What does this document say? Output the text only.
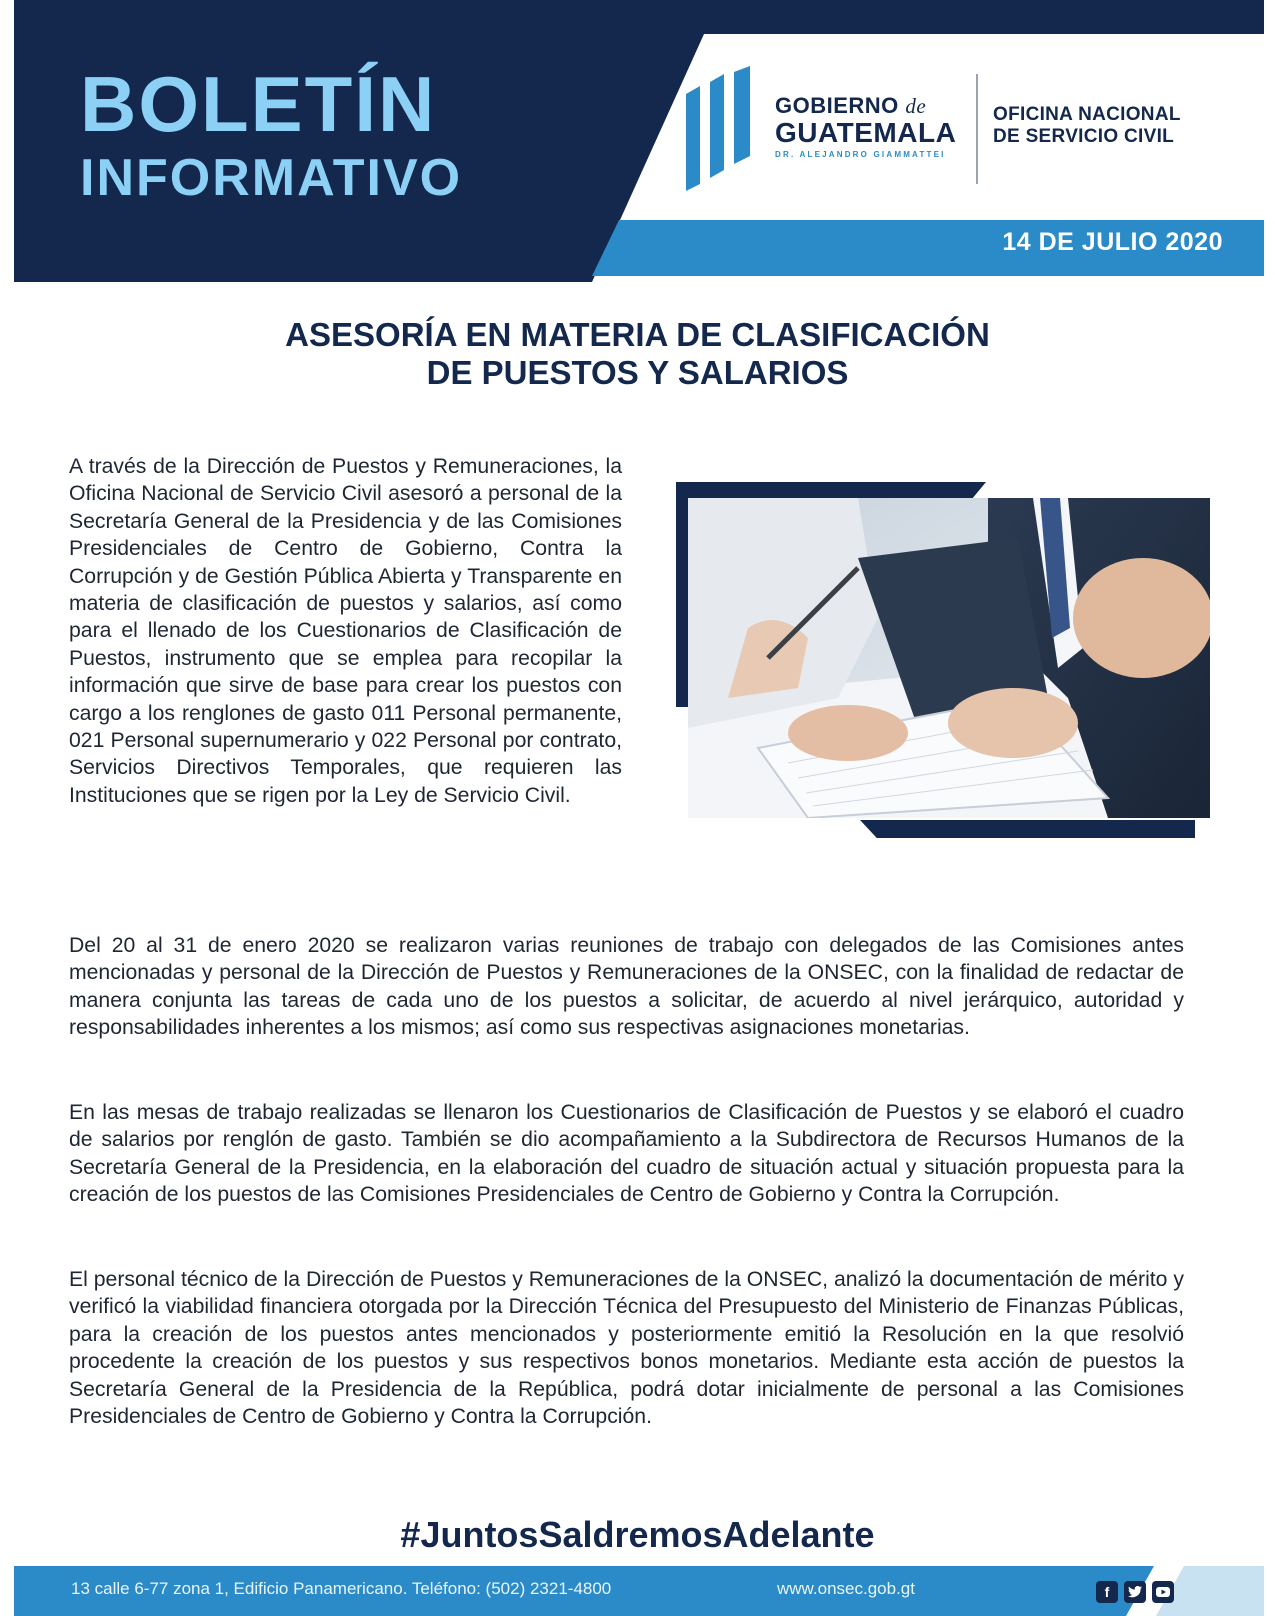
BOLETÍN
INFORMATIVO
GOBIERNO de
GUATEMALA
DR. ALEJANDRO GIAMMATTEI
OFICINA NACIONAL
DE SERVICIO CIVIL
14 DE JULIO 2020
ASESORÍA EN MATERIA DE CLASIFICACIÓN
DE PUESTOS Y SALARIOS

A través de la Dirección de Puestos y Remuneraciones, la Oficina Nacional de Servicio Civil asesoró a personal de la Secretaría General de la Presidencia y de las Comisiones Presidenciales de Centro de Gobierno, Contra la Corrupción y de Gestión Pública Abierta y Transparente en materia de clasificación de puestos y salarios, así como para el llenado de los Cuestionarios de Clasificación de Puestos, instrumento que se emplea para recopilar la información que sirve de base para crear los puestos con cargo a los renglones de gasto 011 Personal permanente, 021 Personal supernumerario y 022 Personal por contrato, Servicios Directivos Temporales, que requieren las Instituciones que se rigen por la Ley de Servicio Civil.

Del 20 al 31 de enero 2020 se realizaron varias reuniones de trabajo con delegados de las Comisiones antes mencionadas y personal de la Dirección de Puestos y Remuneraciones de la ONSEC, con la finalidad de redactar de manera conjunta las tareas de cada uno de los puestos a solicitar, de acuerdo al nivel jerárquico, autoridad y responsabilidades inherentes a los mismos; así como sus respectivas asignaciones monetarias.

En las mesas de trabajo realizadas se llenaron los Cuestionarios de Clasificación de Puestos y se elaboró el cuadro de salarios por renglón de gasto. También se dio acompañamiento a la Subdirectora de Recursos Humanos de la Secretaría General de la Presidencia, en la elaboración del cuadro de situación actual y situación propuesta para la creación de los puestos de las Comisiones Presidenciales de Centro de Gobierno y Contra la Corrupción.

El personal técnico de la Dirección de Puestos y Remuneraciones de la ONSEC, analizó la documentación de mérito y verificó la viabilidad financiera otorgada por la Dirección Técnica del Presupuesto del Ministerio de Finanzas Públicas, para la creación de los puestos antes mencionados y posteriormente emitió la Resolución en la que resolvió procedente la creación de los puestos y sus respectivos bonos monetarios. Mediante esta acción de puestos la Secretaría General de la Presidencia de la República, podrá dotar inicialmente de personal a las Comisiones Presidenciales de Centro de Gobierno y Contra la Corrupción.

#JuntosSaldremosAdelante

13 calle 6-77 zona 1, Edificio Panamericano. Teléfono: (502) 2321-4800	www.onsec.gob.gt	f
